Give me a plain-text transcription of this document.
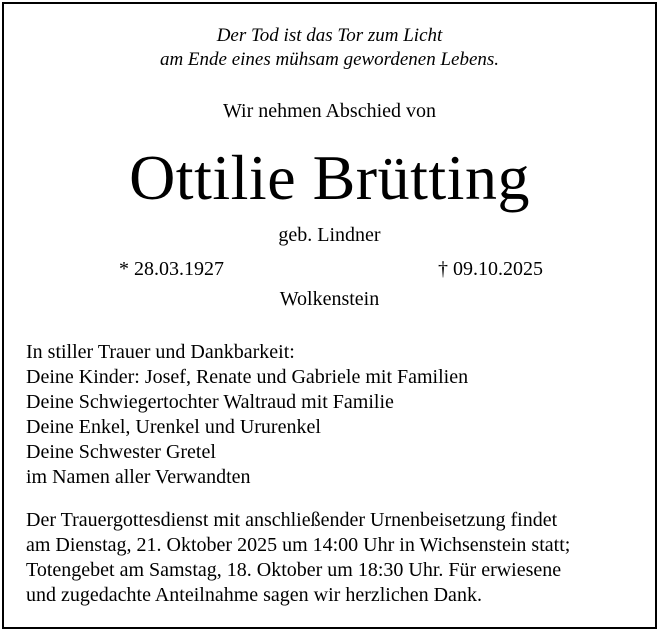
Der Tod ist das Tor zum Licht
am Ende eines mühsam gewordenen Lebens.
Wir nehmen Abschied von
Ottilie Brütting
geb. Lindner
* 28.03.1927	† 09.10.2025
Wolkenstein
In stiller Trauer und Dankbarkeit:
Deine Kinder: Josef, Renate und Gabriele mit Familien
Deine Schwiegertochter Waltraud mit Familie
Deine Enkel, Urenkel und Ururenkel
Deine Schwester Gretel
im Namen aller Verwandten
Der Trauergottesdienst mit anschließender Urnenbeisetzung findet
am Dienstag, 21. Oktober 2025 um 14:00 Uhr in Wichsenstein statt;
Totengebet am Samstag, 18. Oktober um 18:30 Uhr. Für erwiesene
und zugedachte Anteilnahme sagen wir herzlichen Dank.
